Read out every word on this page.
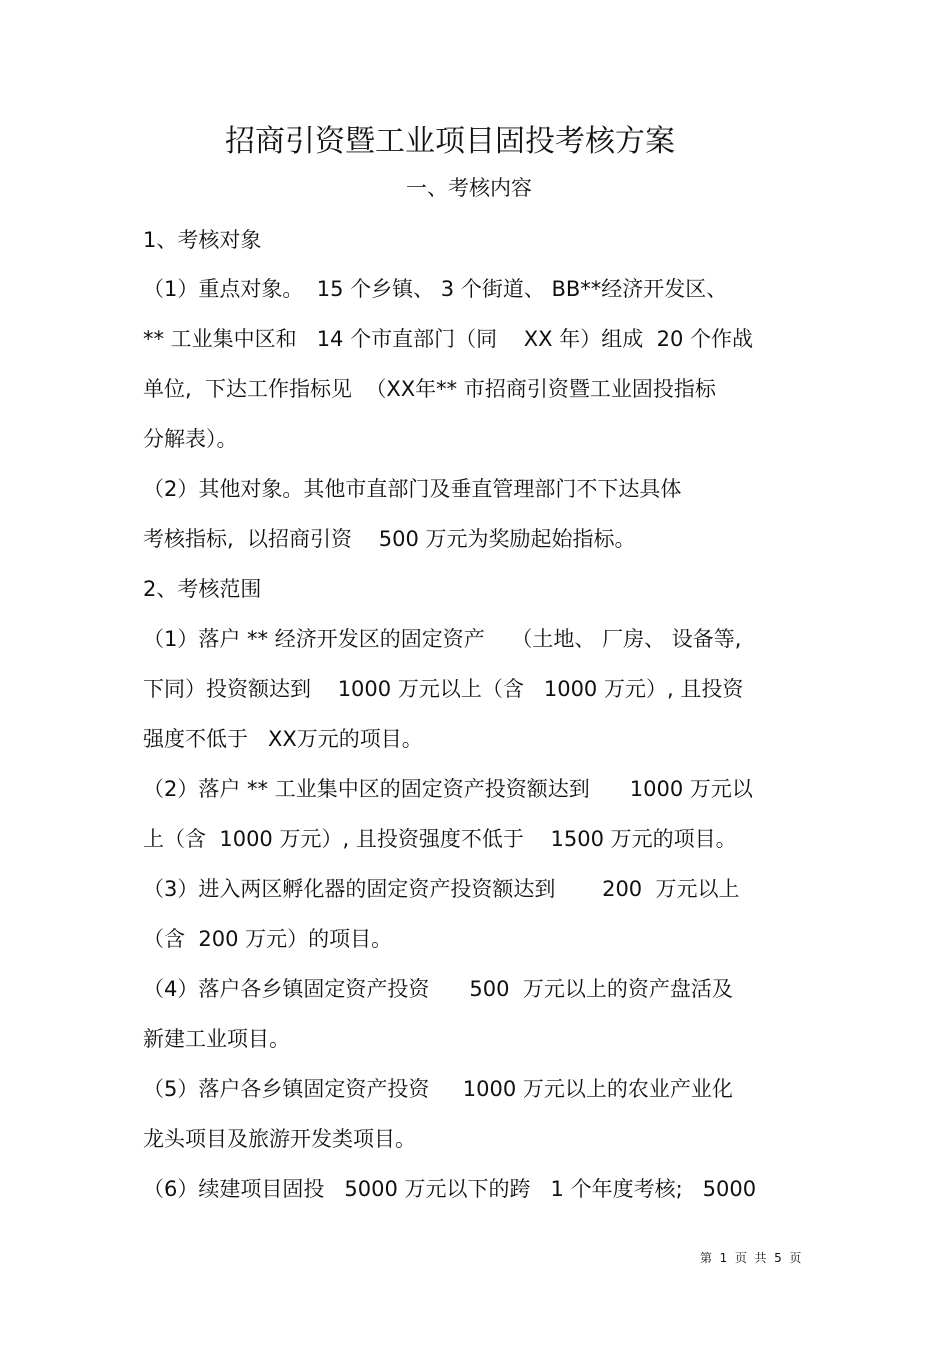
招商引资暨工业项目固投考核方案
一、考核内容
1、考核对象
（1）重点对象。  15 个乡镇、 3 个街道、 BB**经济开发区、
** 工业集中区和   14 个市直部门（同    XX 年）组成  20 个作战
单位,  下达工作指标见  （XX年** 市招商引资暨工业固投指标
分解表）。
（2）其他对象。其他市直部门及垂直管理部门不下达具体
考核指标,  以招商引资    500 万元为奖励起始指标。
2、考核范围
（1）落户 ** 经济开发区的固定资产    （土地、 厂房、 设备等,
下同）投资额达到    1000 万元以上（含   1000 万元）, 且投资
强度不低于   XX万元的项目。
（2）落户 ** 工业集中区的固定资产投资额达到      1000 万元以
上（含  1000 万元）, 且投资强度不低于    1500 万元的项目。
（3）进入两区孵化器的固定资产投资额达到       200  万元以上
（含  200 万元）的项目。
（4）落户各乡镇固定资产投资      500  万元以上的资产盘活及
新建工业项目。
（5）落户各乡镇固定资产投资     1000 万元以上的农业产业化
龙头项目及旅游开发类项目。
（6）续建项目固投   5000 万元以下的跨   1 个年度考核;   5000
第  1  页  共  5  页
